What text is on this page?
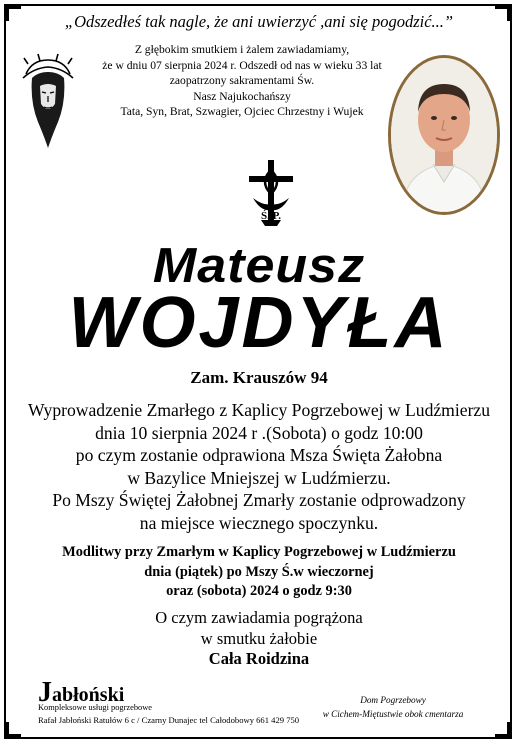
„Odszedłeś tak nagle, że ani uwierzyć ,ani się pogodzić...”
Z głębokim smutkiem i żalem zawiadamiamy,
że w dniu 07 sierpnia 2024 r. Odszedł od nas w wieku 33 lat
zaopatrzony sakramentami Św.
Nasz Najukochańszy
Tata, Syn, Brat, Szwagier, Ojciec Chrzestny i Wujek
Ś. P.
Mateusz
WOJDYŁA
Zam. Krauszów 94
Wyprowadzenie Zmarłego z Kaplicy Pogrzebowej w Ludźmierzu
dnia 10 sierpnia 2024 r .(Sobota) o godz 10:00
po czym zostanie odprawiona Msza Święta Żałobna
w Bazylice Mniejszej w Ludźmierzu.
Po Mszy Świętej Żałobnej Zmarły zostanie odprowadzony
na miejsce wiecznego spoczynku.
Modlitwy przy Zmarłym w Kaplicy Pogrzebowej w Ludźmierzu
dnia (piątek) po Mszy Ś.w wieczornej
oraz (sobota) 2024 o godz 9:30
O czym zawiadamia pogrążona
w smutku żałobie
Cała Roidzina
Jabłoński
Kompleksowe usługi pogrzebowe
Rafał Jabłoński Ratułów 6 c / Czarny Dunajec tel Całodobowy 661 429 750
Dom Pogrzebowy
w Cichem-Miętustwie obok cmentarza
